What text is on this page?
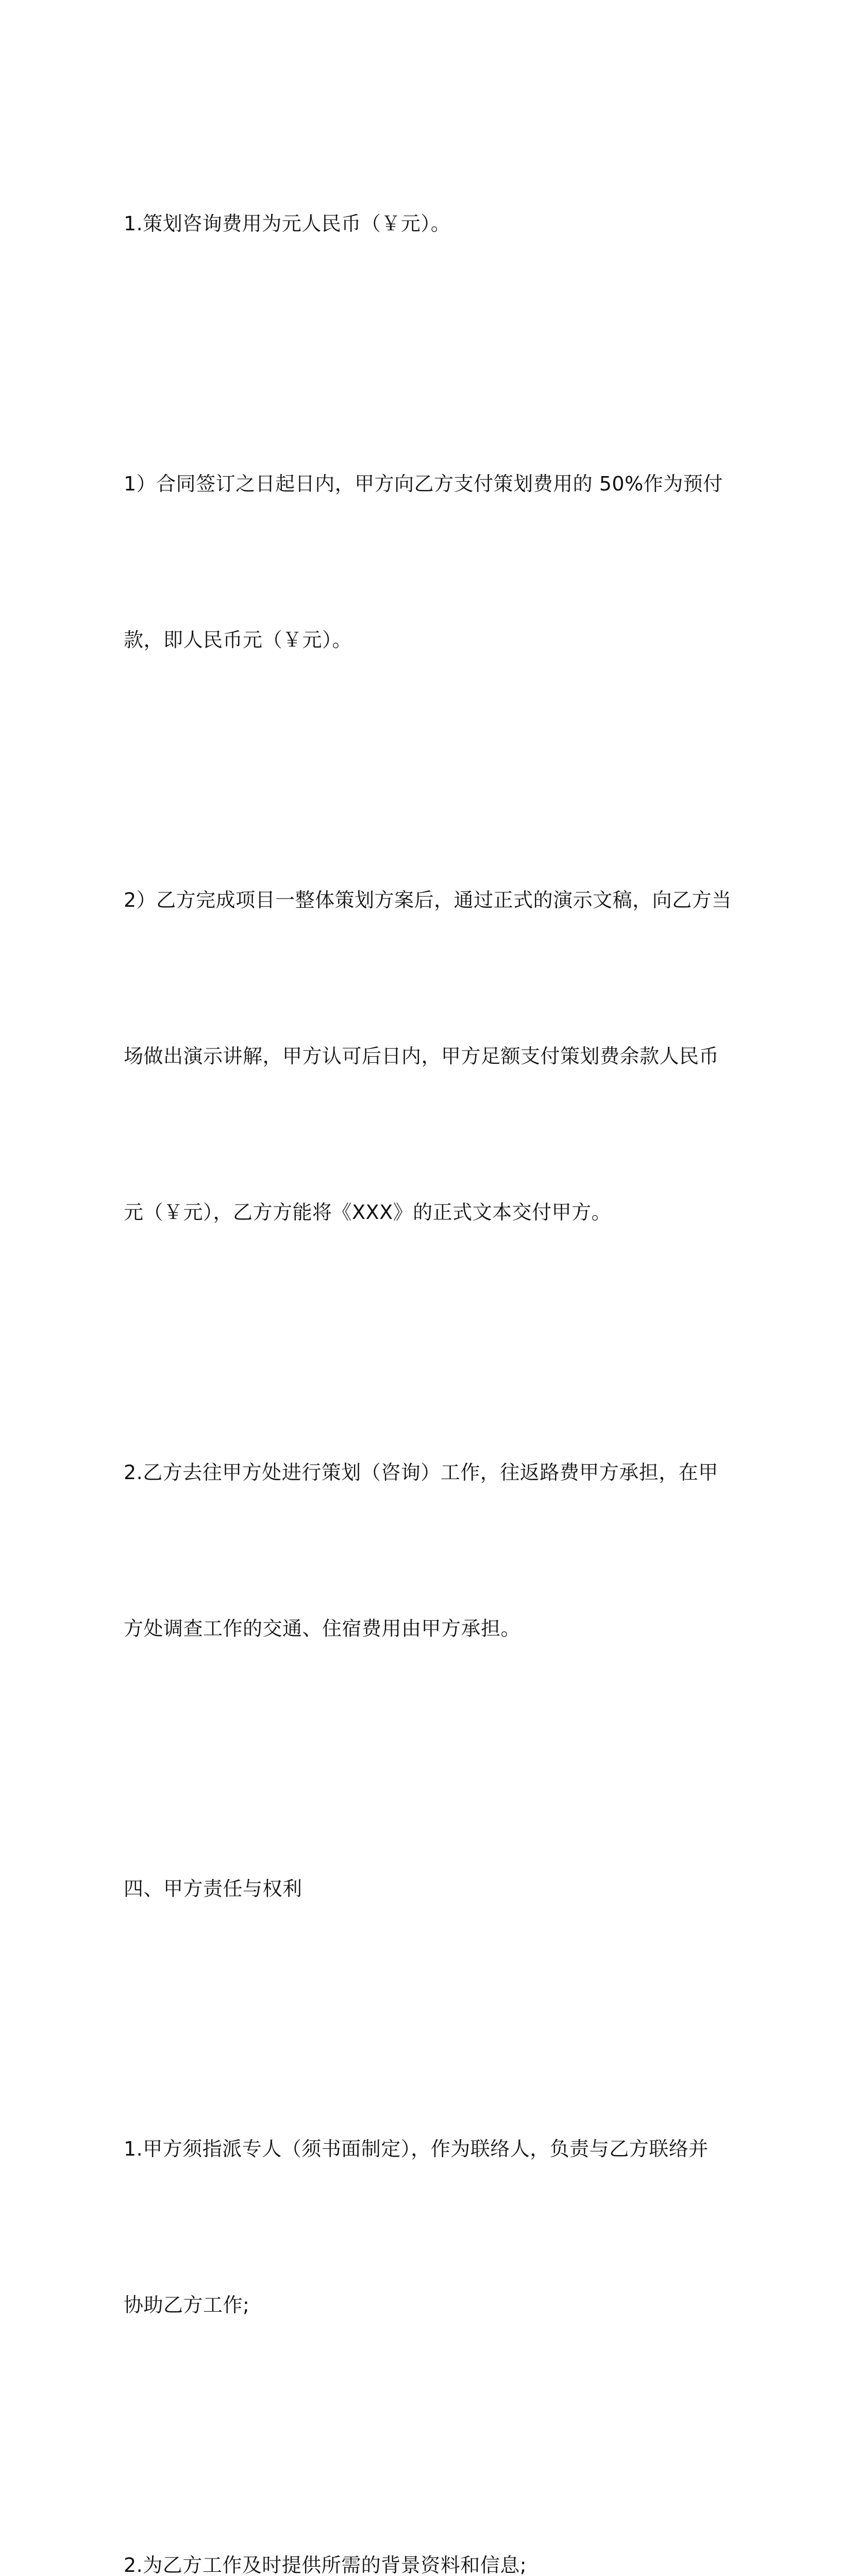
1.策划咨询费用为元人民币（￥元）。

1）合同签订之日起日内，甲方向乙方支付策划费用的 50%作为预付

款，即人民币元（￥元）。

2）乙方完成项目一整体策划方案后，通过正式的演示文稿，向乙方当

场做出演示讲解，甲方认可后日内，甲方足额支付策划费余款人民币

元（￥元），乙方方能将《XXX》的正式文本交付甲方。

2.乙方去往甲方处进行策划（咨询）工作，往返路费甲方承担，在甲

方处调查工作的交通、住宿费用由甲方承担。

四、甲方责任与权利

1.甲方须指派专人（须书面制定），作为联络人，负责与乙方联络并

协助乙方工作;

2.为乙方工作及时提供所需的背景资料和信息;
